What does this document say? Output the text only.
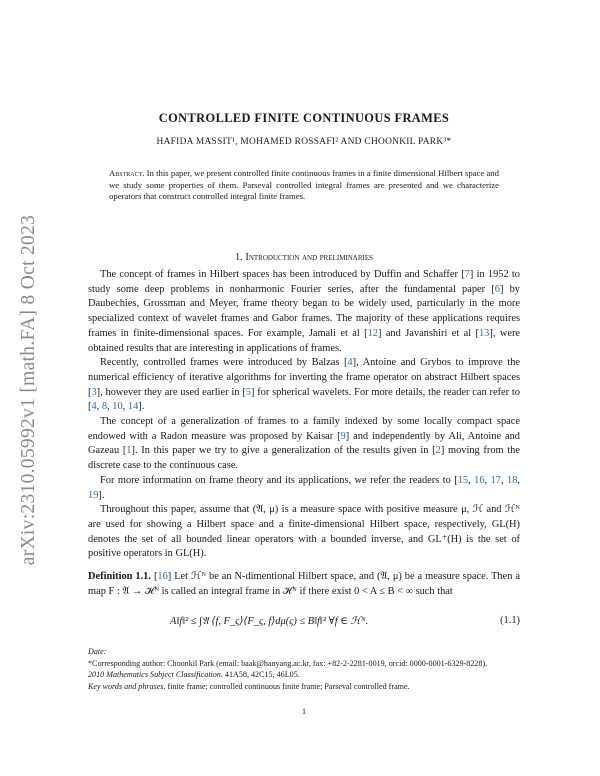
arXiv:2310.05992v1 [math.FA] 8 Oct 2023
CONTROLLED FINITE CONTINUOUS FRAMES
HAFIDA MASSIT¹, MOHAMED ROSSAFI² AND CHOONKIL PARK³*
Abstract. In this paper, we present controlled finite continuous frames in a finite dimensional Hilbert space and we study some properties of them. Parseval controlled integral frames are presented and we characterize operators that construct controlled integral finite frames.
1. Introduction and preliminaries

The concept of frames in Hilbert spaces has been introduced by Duffin and Schaffer [7] in 1952 to study some deep problems in nonharmonic Fourier series, after the fundamental paper [6] by Daubechies, Grossman and Meyer, frame theory began to be widely used, particularly in the more specialized context of wavelet frames and Gabor frames. The majority of these applications requires frames in finite-dimensional spaces. For example, Jamali et al [12] and Javanshiri et al [13], were obtained results that are interesting in applications of frames.

Recently, controlled frames were introduced by Balzas [4], Antoine and Grybos to improve the numerical efficiency of iterative algorithms for inverting the frame operator on abstract Hilbert spaces [3], however they are used earlier in [5] for spherical wavelets. For more details, the reader can refer to [4, 8, 10, 14].

The concept of a generalization of frames to a family indexed by some locally compact space endowed with a Radon measure was proposed by Kaisar [9] and independently by Ali, Antoine and Gazeau [1]. In this paper we try to give a generalization of the results given in [2] moving from the discrete case to the continuous case.

For more information on frame theory and its applications, we refer the readers to [15, 16, 17, 18, 19].

Throughout this paper, assume that (𝔄, μ) is a measure space with positive measure μ, ℋ and ℋᴺ are used for showing a Hilbert space and a finite-dimensional Hilbert space, respectively, GL(H) denotes the set of all bounded linear operators with a bounded inverse, and GL⁺(H) is the set of positive operators in GL(H).

Definition 1.1. [16] Let ℋᴺ be an N-dimentional Hilbert space, and (𝔄, μ) be a measure space. Then a map F : 𝔄 → ℋᴺ is called an integral frame in ℋᴺ if there exist 0 < A ≤ B < ∞ such that

A‖f‖² ≤ ∫𝔄 ⟨f, F_ς⟩⟨F_ς, f⟩dμ(ς) ≤ B‖f‖² ∀f ∈ ℋᴺ.	(1.1)

Date:

*Corresponding author: Choonkil Park (email: baak@hanyang.ac.kr, fax: +82-2-2281-0019, orcid: 0000-0001-6329-8228).

2010 Mathematics Subject Classification. 41A58, 42C15, 46L05.

Key words and phrases. finite frame; controlled continuous finite frame; Parseval controlled frame.

1
